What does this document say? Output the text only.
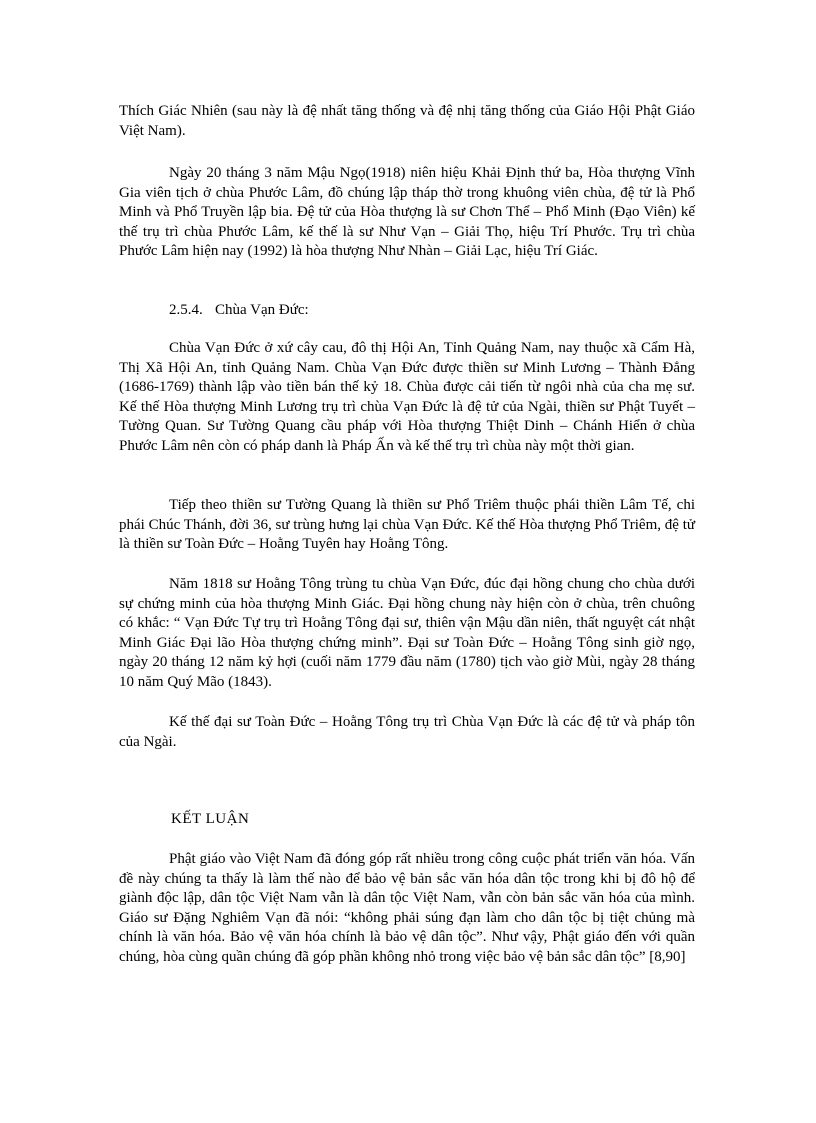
Thích Giác Nhiên (sau này là đệ nhất tăng thống và đệ nhị tăng thống của Giáo Hội Phật Giáo Việt Nam).

Ngày 20 tháng 3 năm Mậu Ngọ(1918) niên hiệu Khải Định thứ ba, Hòa thượng Vĩnh Gia viên tịch ở chùa Phước Lâm, đồ chúng lập tháp thờ trong khuông viên chùa, đệ tử là Phổ Minh và Phổ Truyền lập bia. Đệ tử của Hòa thượng là sư Chơn Thể – Phổ Minh (Đạo Viên) kế thế trụ trì chùa Phước Lâm, kế thế là sư Như Vạn – Giải Thọ, hiệu Trí Phước. Trụ trì chùa Phước Lâm hiện nay (1992) là hòa thượng Như Nhàn – Giải Lạc, hiệu Trí Giác.

2.5.4. Chùa Vạn Đức:

Chùa Vạn Đức ở xứ cây cau, đô thị Hội An, Tỉnh Quảng Nam, nay thuộc xã Cẩm Hà, Thị Xã Hội An, tỉnh Quảng Nam. Chùa Vạn Đức được thiền sư Minh Lương – Thành Đẳng (1686-1769) thành lập vào tiền bán thế kỷ 18. Chùa được cải tiến từ ngôi nhà của cha mẹ sư. Kế thế Hòa thượng Minh Lương trụ trì chùa Vạn Đức là đệ tử của Ngài, thiền sư Phật Tuyết – Tường Quan. Sư Tường Quang cầu pháp với Hòa thượng Thiệt Dinh – Chánh Hiển ở chùa Phước Lâm nên còn có pháp danh là Pháp Ấn và kế thế trụ trì chùa này một thời gian.

Tiếp theo thiền sư Tường Quang là thiền sư Phổ Triêm thuộc phái thiền Lâm Tế, chi phái Chúc Thánh, đời 36, sư trùng hưng lại chùa Vạn Đức. Kế thế Hòa thượng Phổ Triêm, đệ tử là thiền sư Toàn Đức – Hoằng Tuyên hay Hoằng Tông.

Năm 1818 sư Hoằng Tông trùng tu chùa Vạn Đức, đúc đại hồng chung cho chùa dưới sự chứng minh của hòa thượng Minh Giác. Đại hồng chung này hiện còn ở chùa, trên chuông có khắc: “ Vạn Đức Tự trụ trì Hoằng Tông đại sư, thiên vận Mậu dần niên, thất nguyệt cát nhật Minh Giác Đại lão Hòa thượng chứng minh”. Đại sư Toàn Đức – Hoằng Tông sinh giờ ngọ, ngày 20 tháng 12 năm kỷ hợi (cuối năm 1779 đầu năm (1780) tịch vào giờ Mùi, ngày 28 tháng 10 năm Quý Mão (1843).

Kế thế đại sư Toàn Đức – Hoằng Tông trụ trì Chùa Vạn Đức là các đệ tử và pháp tôn của Ngài.

KẾT LUẬN

Phật giáo vào Việt Nam đã đóng góp rất nhiều trong công cuộc phát triển văn hóa. Vấn đề này chúng ta thấy là làm thế nào để bảo vệ bản sắc văn hóa dân tộc trong khi bị đô hộ để giành độc lập, dân tộc Việt Nam vẫn là dân tộc Việt Nam, vẫn còn bản sắc văn hóa của mình. Giáo sư Đặng Nghiêm Vạn đã nói: “không phải súng đạn làm cho dân tộc bị tiệt chủng mà chính là văn hóa. Bảo vệ văn hóa chính là bảo vệ dân tộc”. Như vậy, Phật giáo đến với quần chúng, hòa cùng quần chúng đã góp phần không nhỏ trong việc bảo vệ bản sắc dân tộc” [8,90]
